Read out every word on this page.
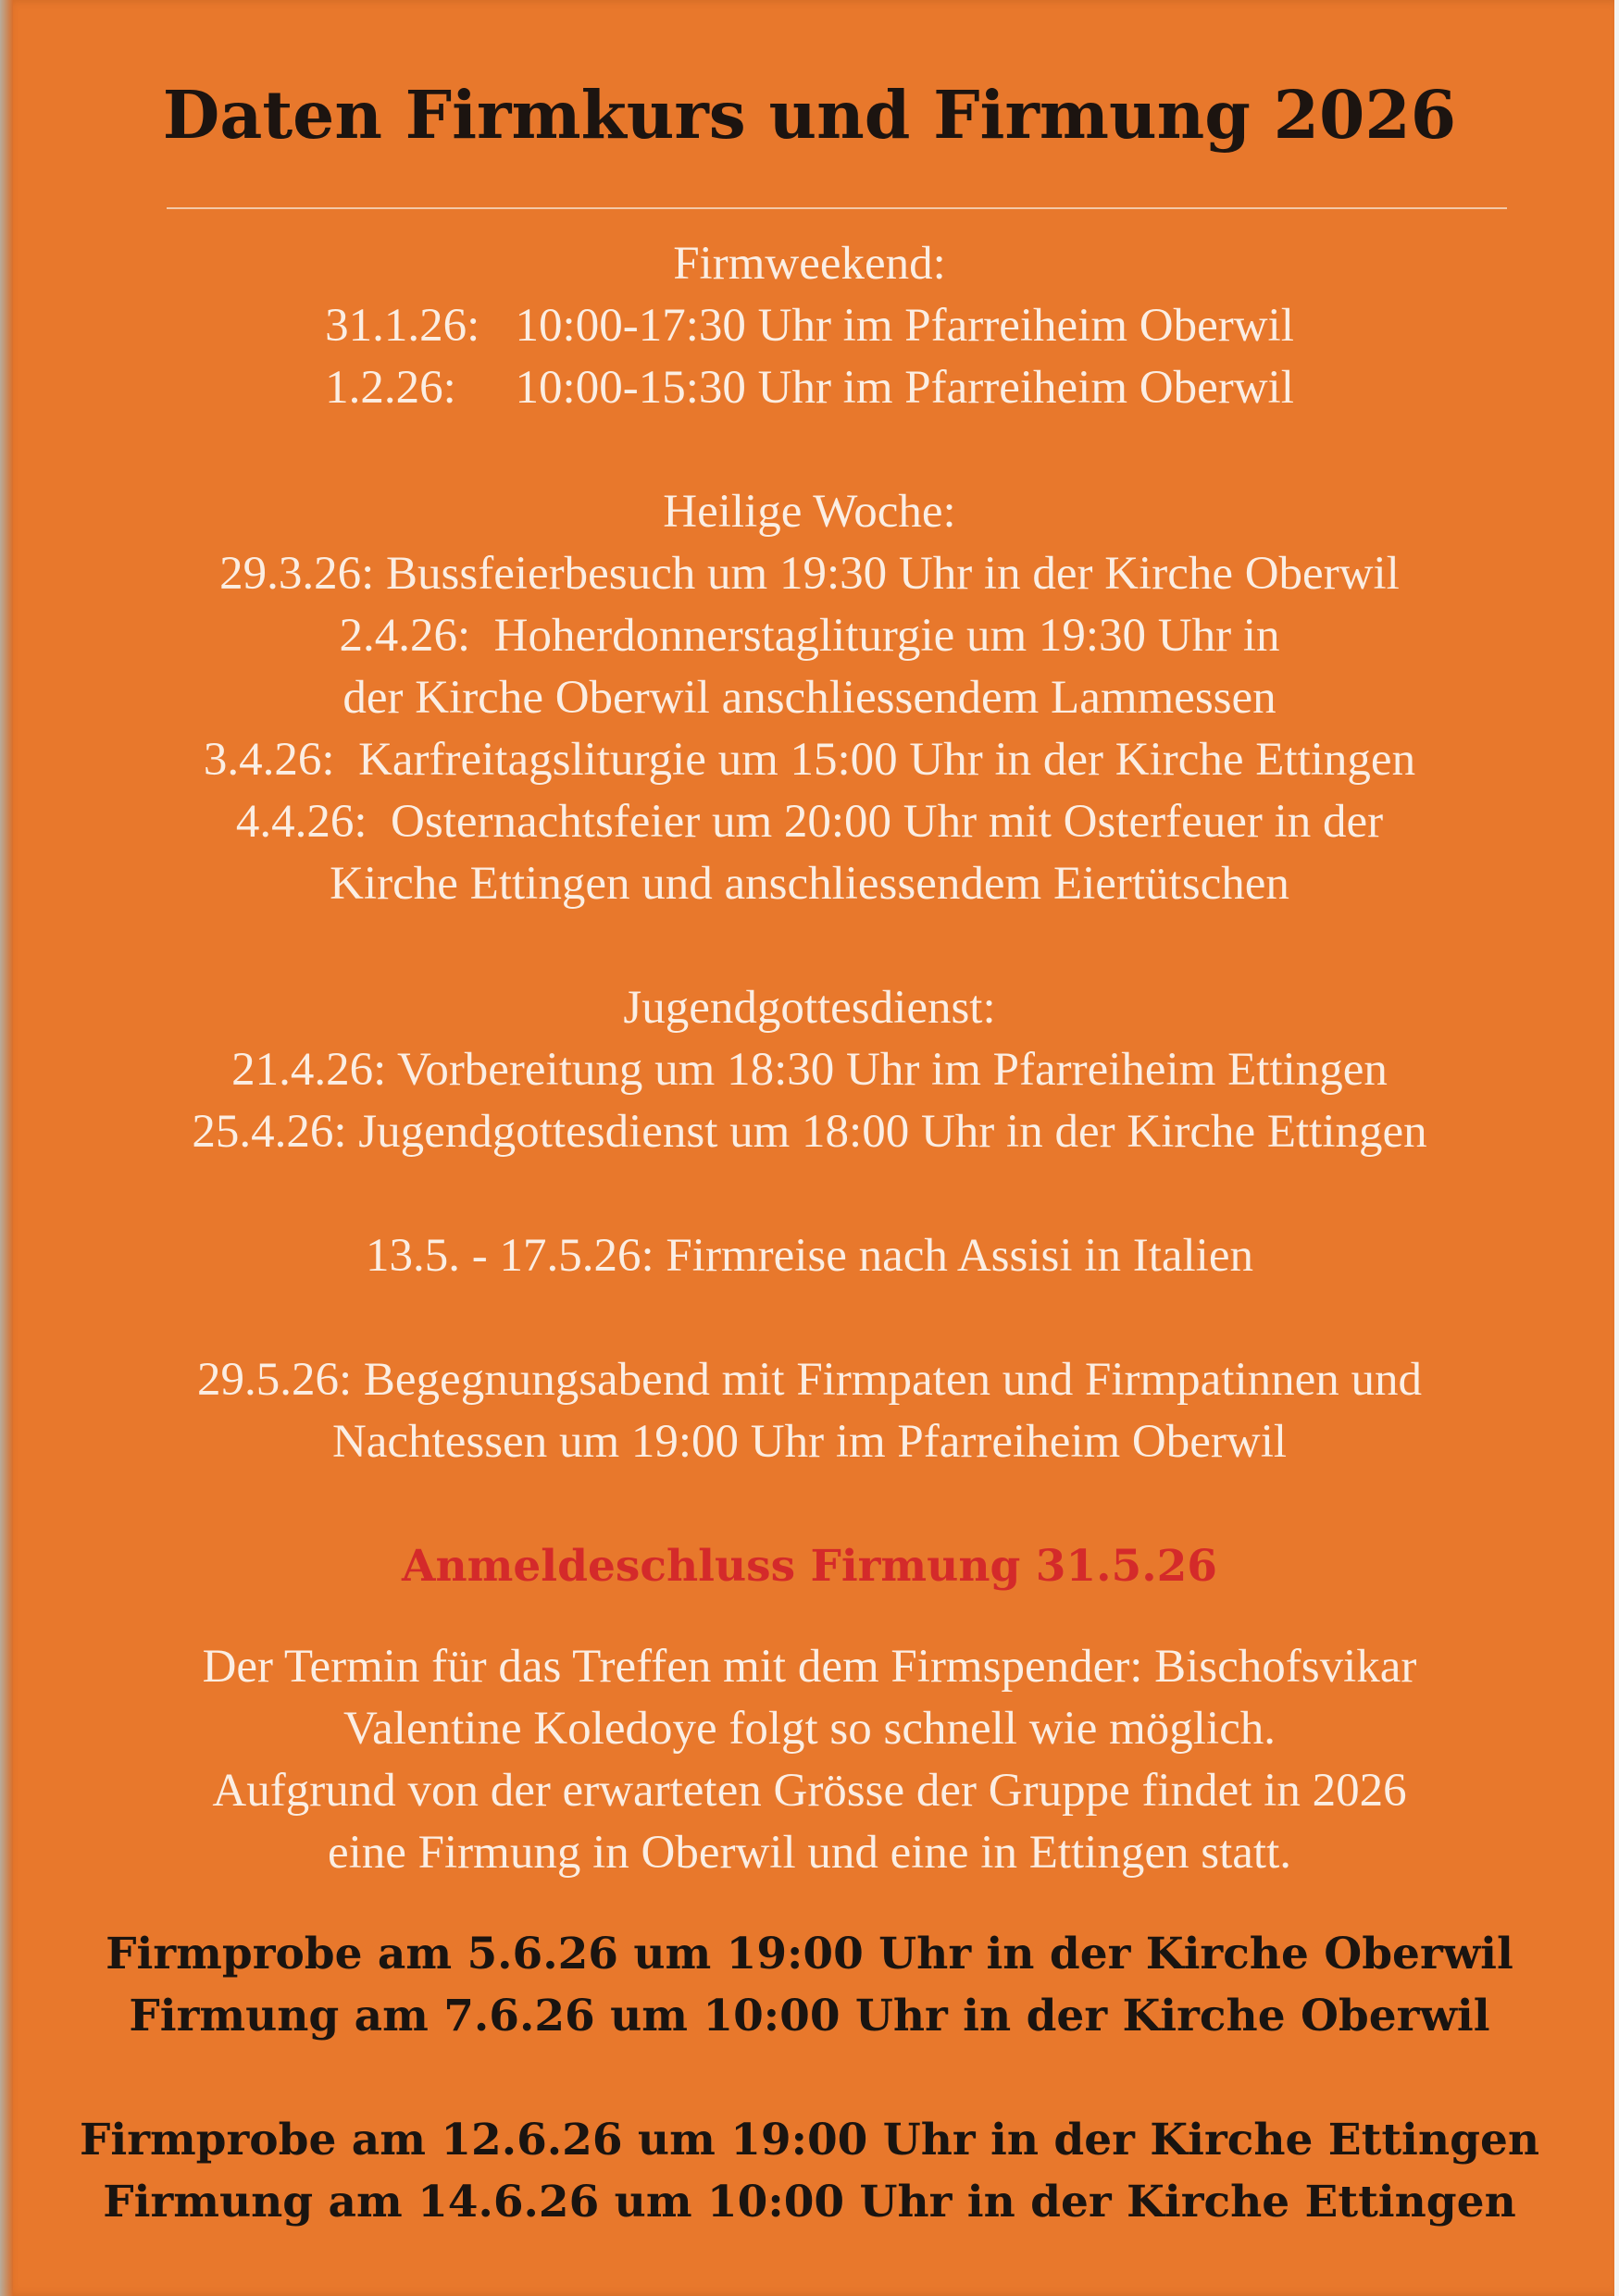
Daten Firmkurs und Firmung 2026
Firmweekend:
31.1.26:   10:00-17:30 Uhr im Pfarreiheim Oberwil
1.2.26:     10:00-15:30 Uhr im Pfarreiheim Oberwil
Heilige Woche:
29.3.26: Bussfeierbesuch um 19:30 Uhr in der Kirche Oberwil
2.4.26:  Hoherdonnerstagliturgie um 19:30 Uhr in
der Kirche Oberwil anschliessendem Lammessen
3.4.26:  Karfreitagsliturgie um 15:00 Uhr in der Kirche Ettingen
4.4.26:  Osternachtsfeier um 20:00 Uhr mit Osterfeuer in der
Kirche Ettingen und anschliessendem Eiertütschen
Jugendgottesdienst:
21.4.26: Vorbereitung um 18:30 Uhr im Pfarreiheim Ettingen
25.4.26: Jugendgottesdienst um 18:00 Uhr in der Kirche Ettingen
13.5. - 17.5.26: Firmreise nach Assisi in Italien
29.5.26: Begegnungsabend mit Firmpaten und Firmpatinnen und
Nachtessen um 19:00 Uhr im Pfarreiheim Oberwil
Anmeldeschluss Firmung 31.5.26
Der Termin für das Treffen mit dem Firmspender: Bischofsvikar
Valentine Koledoye folgt so schnell wie möglich.
Aufgrund von der erwarteten Grösse der Gruppe findet in 2026
eine Firmung in Oberwil und eine in Ettingen statt.
Firmprobe am 5.6.26 um 19:00 Uhr in der Kirche Oberwil
Firmung am 7.6.26 um 10:00 Uhr in der Kirche Oberwil
Firmprobe am 12.6.26 um 19:00 Uhr in der Kirche Ettingen
Firmung am 14.6.26 um 10:00 Uhr in der Kirche Ettingen
